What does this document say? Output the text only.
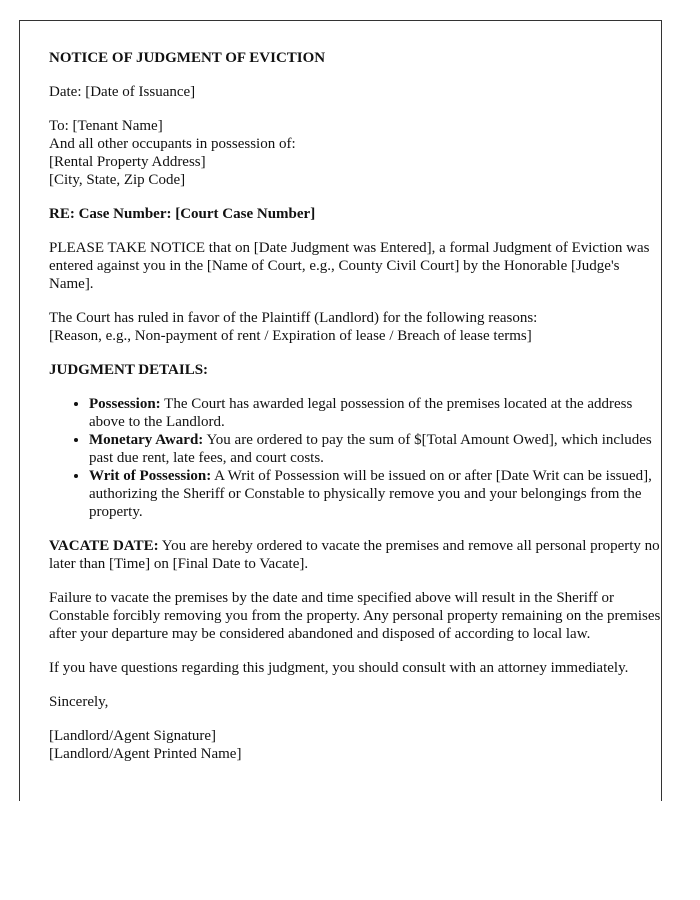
NOTICE OF JUDGMENT OF EVICTION

Date: [Date of Issuance]

To: [Tenant Name]
And all other occupants in possession of:
[Rental Property Address]
[City, State, Zip Code]

RE: Case Number: [Court Case Number]

PLEASE TAKE NOTICE that on [Date Judgment was Entered], a formal Judgment of Eviction was entered against you in the [Name of Court, e.g., County Civil Court] by the Honorable [Judge's Name].

The Court has ruled in favor of the Plaintiff (Landlord) for the following reasons:
[Reason, e.g., Non-payment of rent / Expiration of lease / Breach of lease terms]

JUDGMENT DETAILS:

• Possession: The Court has awarded legal possession of the premises located at the address above to the Landlord.
• Monetary Award: You are ordered to pay the sum of $[Total Amount Owed], which includes past due rent, late fees, and court costs.
• Writ of Possession: A Writ of Possession will be issued on or after [Date Writ can be issued], authorizing the Sheriff or Constable to physically remove you and your belongings from the property.

VACATE DATE: You are hereby ordered to vacate the premises and remove all personal property no later than [Time] on [Final Date to Vacate].

Failure to vacate the premises by the date and time specified above will result in the Sheriff or Constable forcibly removing you from the property. Any personal property remaining on the premises after your departure may be considered abandoned and disposed of according to local law.

If you have questions regarding this judgment, you should consult with an attorney immediately.

Sincerely,

[Landlord/Agent Signature]
[Landlord/Agent Printed Name]
